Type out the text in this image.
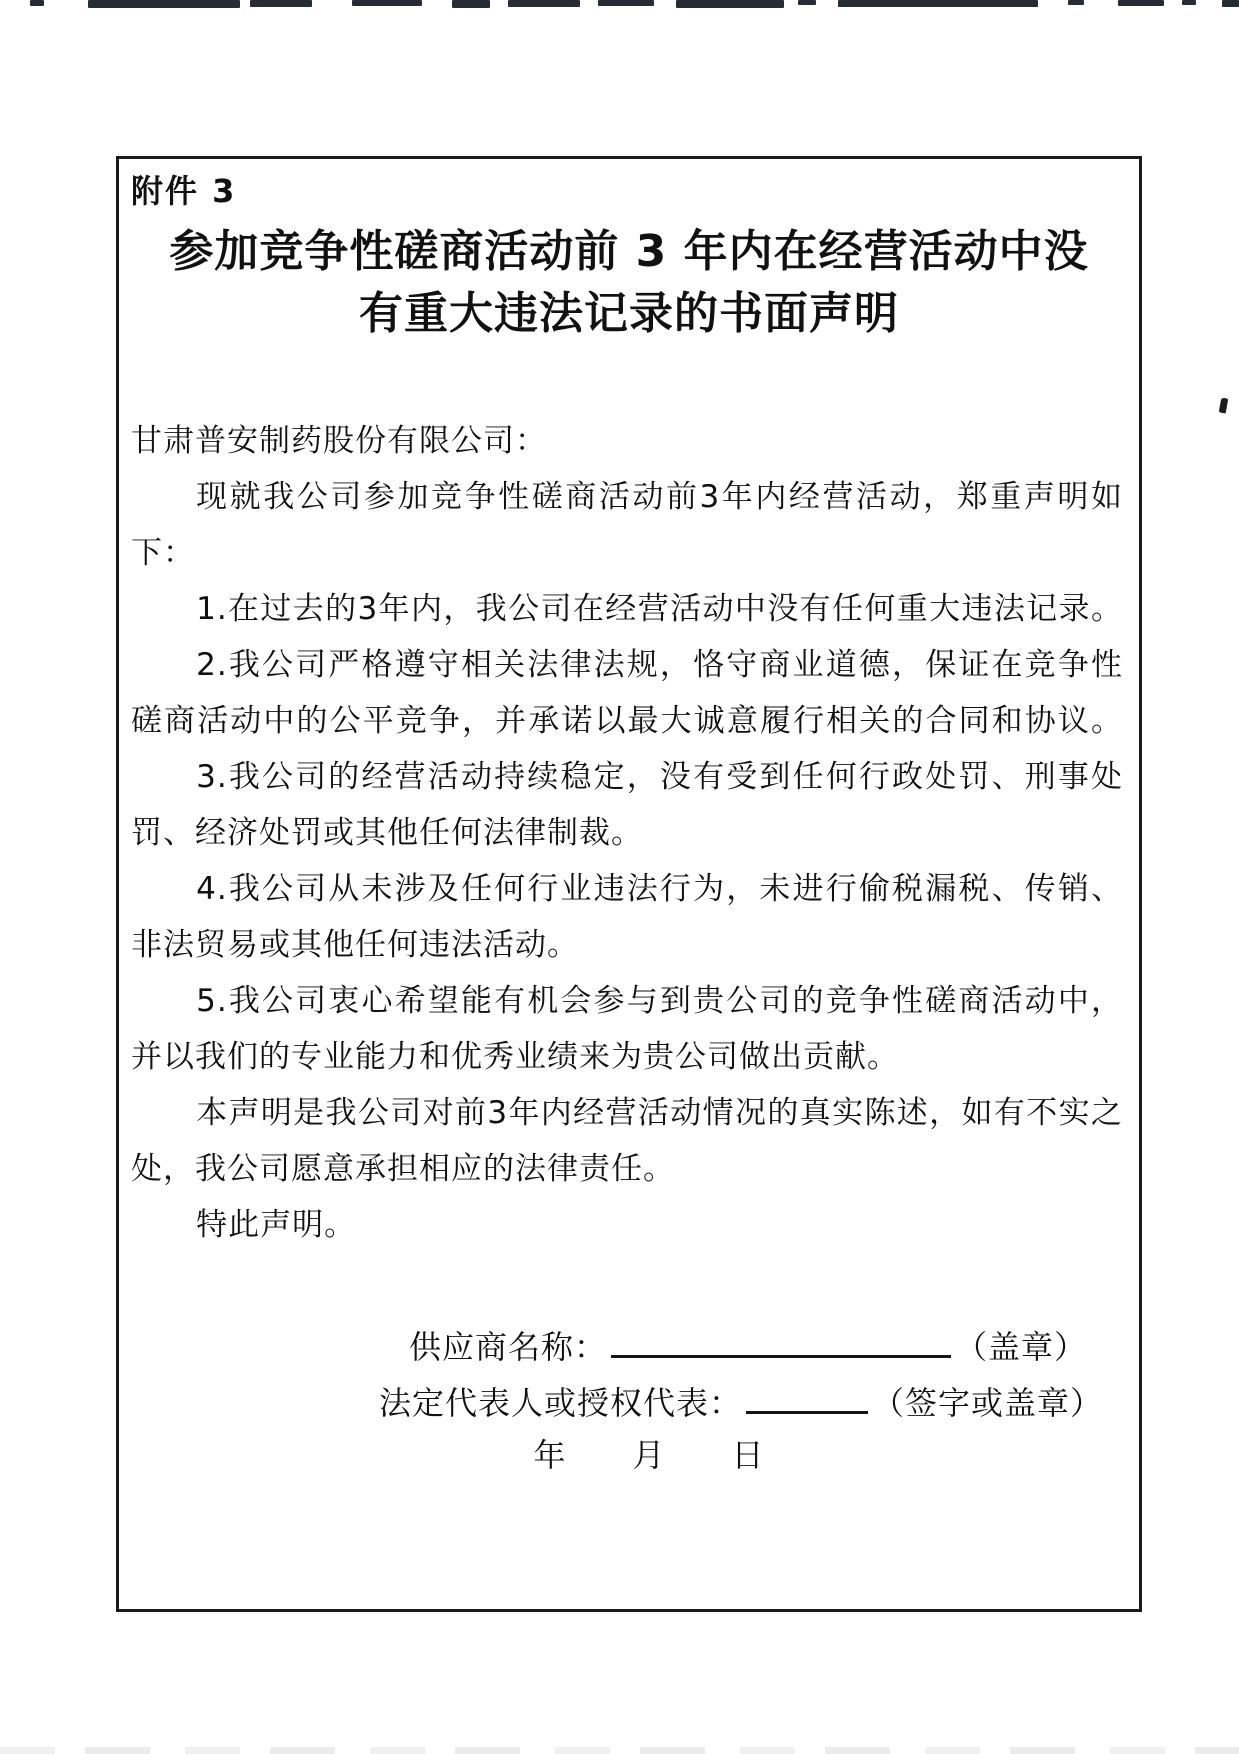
附件 3
参加竞争性磋商活动前 3 年内在经营活动中没
有重大违法记录的书面声明
甘肃普安制药股份有限公司：
现就我公司参加竞争性磋商活动前3年内经营活动，郑重声明如
下：
1.在过去的3年内，我公司在经营活动中没有任何重大违法记录。
2.我公司严格遵守相关法律法规，恪守商业道德，保证在竞争性
磋商活动中的公平竞争，并承诺以最大诚意履行相关的合同和协议。
3.我公司的经营活动持续稳定，没有受到任何行政处罚、刑事处
罚、经济处罚或其他任何法律制裁。
4.我公司从未涉及任何行业违法行为，未进行偷税漏税、传销、
非法贸易或其他任何违法活动。
5.我公司衷心希望能有机会参与到贵公司的竞争性磋商活动中，
并以我们的专业能力和优秀业绩来为贵公司做出贡献。
本声明是我公司对前3年内经营活动情况的真实陈述，如有不实之
处，我公司愿意承担相应的法律责任。
特此声明。
供应商名称：	（盖章）
法定代表人或授权代表：	（签字或盖章）
年 月 日
